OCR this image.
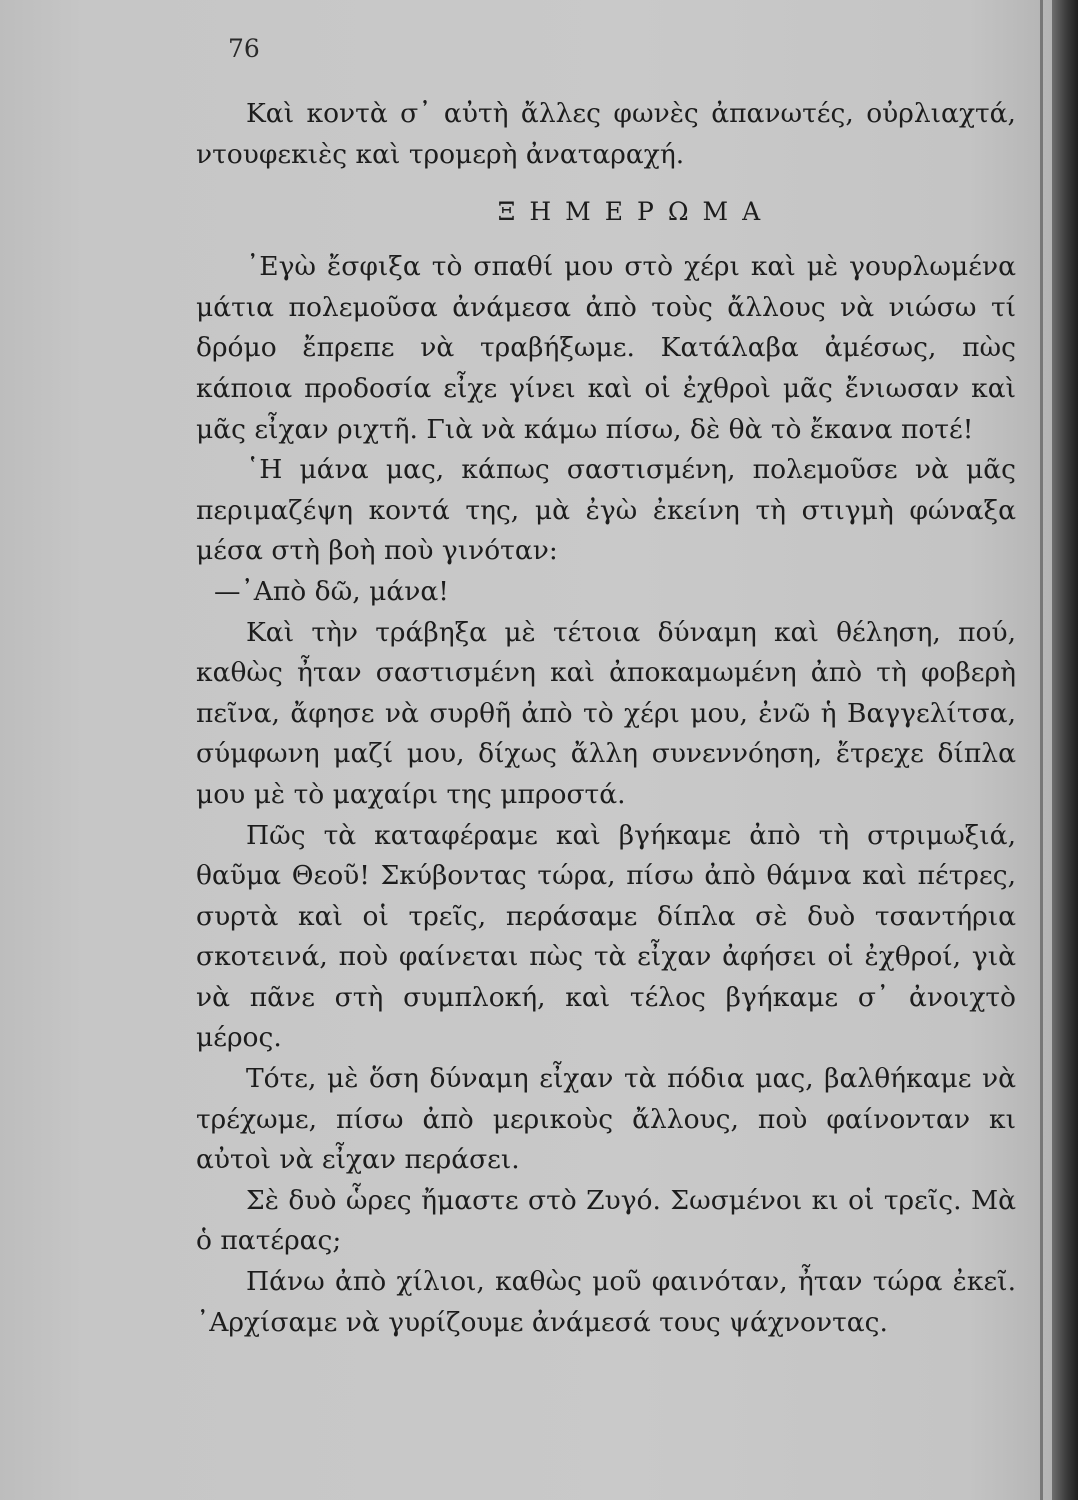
76

Καὶ κοντὰ σ᾿ αὐτὴ ἄλλες φωνὲς ἀπανωτές, οὐρλιαχτά, ντουφεκιὲς καὶ τρομερὴ ἀναταραχή.

ΞΗΜΕΡΩΜΑ

᾿Εγὼ ἔσφιξα τὸ σπαθί μου στὸ χέρι καὶ μὲ γουρλωμένα μάτια πολεμοῦσα ἀνάμεσα ἀπὸ τοὺς ἄλλους νὰ νιώσω τί δρόμο ἔπρεπε νὰ τραβήξωμε. Κατάλαβα ἀμέσως, πὼς κάποια προδοσία εἶχε γίνει καὶ οἱ ἐχθροὶ μᾶς ἔνιωσαν καὶ μᾶς εἶχαν ριχτῆ. Γιὰ νὰ κάμω πίσω, δὲ θὰ τὸ ἔκανα ποτέ!

῾Η μάνα μας, κάπως σαστισμένη, πολεμοῦσε νὰ μᾶς περιμαζέψη κοντά της, μὰ ἐγὼ ἐκείνη τὴ στιγμὴ φώναξα μέσα στὴ βοὴ ποὺ γινόταν:

—᾿Απὸ δῶ, μάνα!

Καὶ τὴν τράβηξα μὲ τέτοια δύναμη καὶ θέληση, πού, καθὼς ἦταν σαστισμένη καὶ ἀποκαμωμένη ἀπὸ τὴ φοβερὴ πεῖνα, ἄφησε νὰ συρθῆ ἀπὸ τὸ χέρι μου, ἐνῶ ἡ Βαγγελίτσα, σύμφωνη μαζί μου, δίχως ἄλλη συνεννόηση, ἔτρεχε δίπλα μου μὲ τὸ μαχαίρι της μπροστά.

Πῶς τὰ καταφέραμε καὶ βγήκαμε ἀπὸ τὴ στριμωξιά, θαῦμα Θεοῦ! Σκύβοντας τώρα, πίσω ἀπὸ θάμνα καὶ πέτρες, συρτὰ καὶ οἱ τρεῖς, περάσαμε δίπλα σὲ δυὸ τσαντήρια σκοτεινά, ποὺ φαίνεται πὼς τὰ εἶχαν ἀφήσει οἱ ἐχθροί, γιὰ νὰ πᾶνε στὴ συμπλοκή, καὶ τέλος βγήκαμε σ᾿ ἀνοιχτὸ μέρος.

Τότε, μὲ ὅση δύναμη εἶχαν τὰ πόδια μας, βαλθήκαμε νὰ τρέχωμε, πίσω ἀπὸ μερικοὺς ἄλλους, ποὺ φαίνονταν κι αὐτοὶ νὰ εἶχαν περάσει.

Σὲ δυὸ ὧρες ἤμαστε στὸ Ζυγό. Σωσμένοι κι οἱ τρεῖς. Μὰ ὁ πατέρας;

Πάνω ἀπὸ χίλιοι, καθὼς μοῦ φαινόταν, ἦταν τώρα ἐκεῖ. ᾿Αρχίσαμε νὰ γυρίζουμε ἀνάμεσά τους ψάχνοντας.
